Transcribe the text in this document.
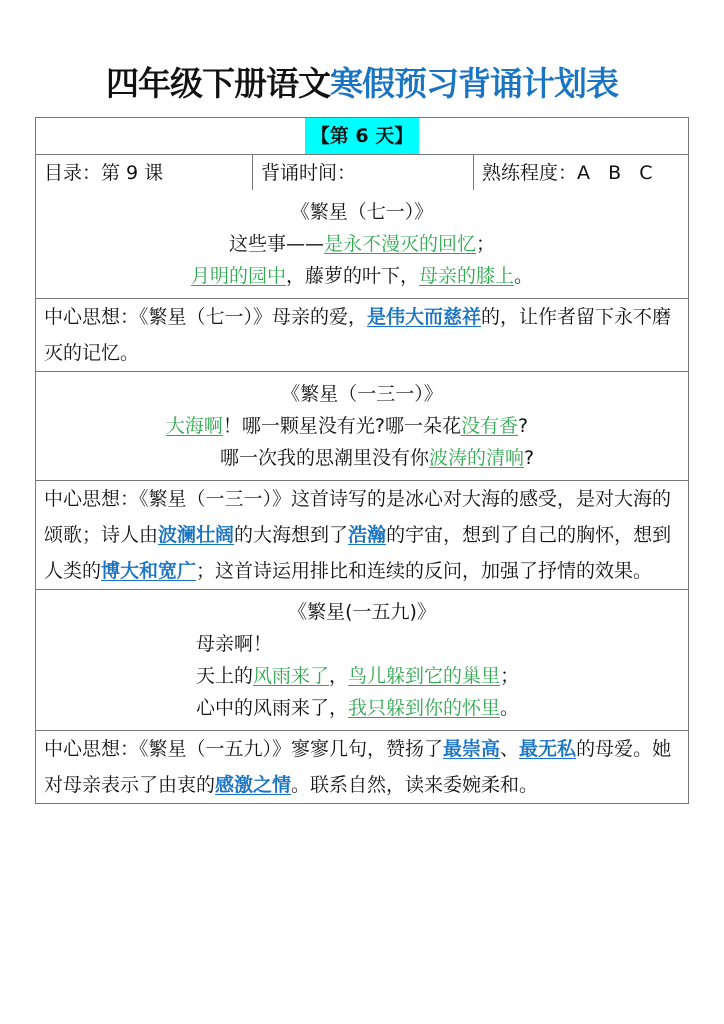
四年级下册语文寒假预习背诵计划表
【第 6 天】
目录：第 9 课	背诵时间：	熟练程度：A   B   C
《繁星（七一）》
这些事——是永不漫灭的回忆；
月明的园中，藤萝的叶下，母亲的膝上。
中心思想：《繁星（七一）》母亲的爱，是伟大而慈祥的，让作者留下永不磨灭的记忆。
《繁星（一三一）》
大海啊！哪一颗星没有光?哪一朵花没有香?
哪一次我的思潮里没有你波涛的清响?
中心思想：《繁星（一三一）》这首诗写的是冰心对大海的感受，是对大海的颂歌；诗人由波澜壮阔的大海想到了浩瀚的宇宙，想到了自己的胸怀，想到人类的博大和宽广；这首诗运用排比和连续的反问，加强了抒情的效果。
《繁星(一五九)》
母亲啊！
天上的风雨来了，鸟儿躲到它的巢里；
心中的风雨来了，我只躲到你的怀里。
中心思想：《繁星（一五九）》寥寥几句，赞扬了最崇高、最无私的母爱。她对母亲表示了由衷的感激之情。联系自然，读来委婉柔和。
